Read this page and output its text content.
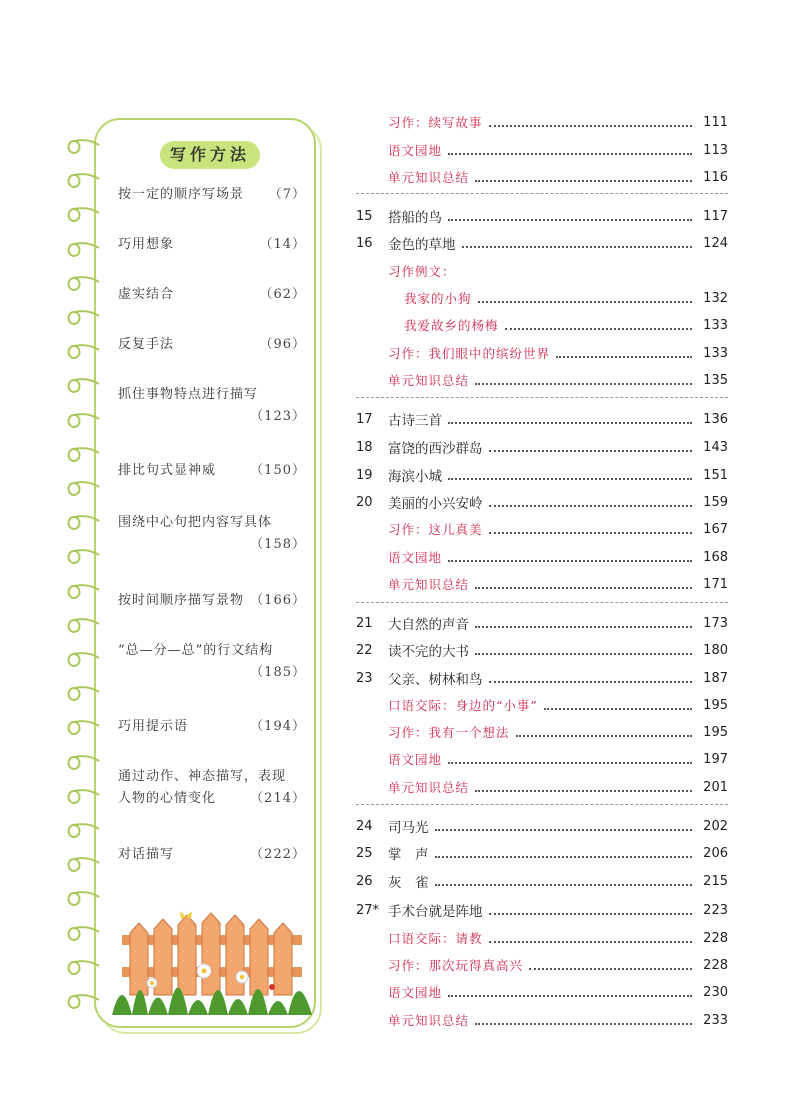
写作方法
按一定的顺序写场景 （7）
巧用想象	（14）
虚实结合	（62）
反复手法	（96）
抓住事物特点进行描写
（123）
排比句式显神威	（150）
围绕中心句把内容写具体
（158）
按时间顺序描写景物 （166）
“总—分—总”的行文结构
（185）
巧用提示语	（194）
通过动作、神态描写，表现
人物的心情变化	（214）
对话描写	（222）
习作：续写故事	111
语文园地	113
单元知识总结	116
15	搭船的鸟	117
16	金色的草地	124
习作例文：
我家的小狗	132
我爱故乡的杨梅	133
习作：我们眼中的缤纷世界	133
单元知识总结	135
17	古诗三首	136
18	富饶的西沙群岛	143
19	海滨小城	151
20	美丽的小兴安岭	159
习作：这儿真美	167
语文园地	168
单元知识总结	171
21	大自然的声音	173
22	读不完的大书	180
23	父亲、树林和鸟	187
口语交际：身边的“小事”	195
习作：我有一个想法	195
语文园地	197
单元知识总结	201
24	司马光	202
25	掌　声	206
26	灰　雀	215
27* 手术台就是阵地	223
口语交际：请教	228
习作：那次玩得真高兴	228
语文园地	230
单元知识总结	233
